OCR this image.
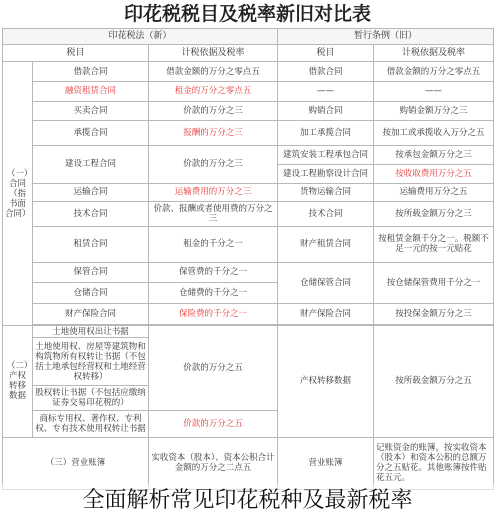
印花税税目及税率新旧对比表
印花税法（新）			暂行条例（旧）	
税目		计税依据及税率	税目	计税依据及税率
（一）合同（指书面合同）	借款合同	借款金额的万分之零点五	借款合同	借款金额的万分之零点五
	融资租赁合同	租金的万分之零点五	——	——
	买卖合同	价款的万分之三	购销合同	购销金额万分之三
	承揽合同	报酬的万分之三	加工承揽合同	按加工或承揽收入万分之五
	建设工程合同	价款的万分之三	建筑安装工程承包合同	按承包金额万分之三
			建设工程勘察设计合同	按收取费用万分之五
	运输合同	运输费用的万分之三	货物运输合同	运输费用万分之五
	技术合同	价款、报酬或者使用费的万分之三	技术合同	按所载金额万分之三
	租赁合同	租金的千分之一	财产租赁合同	按租赁金额千分之一。税额不足一元的按一元贴花
	保管合同	保管费的千分之一	仓储保管合同	按仓储保管费用千分之一
	仓储合同	仓储费的千分之一		
	财产保险合同	保险费的千分之一	财产保险合同	按投保金额万分之三

（二）产权转移数据	土地使用权出让书据	价款的万分之五	产权转移数据	按所载金额万分之五
	土地使用权、房屋等建筑物和构筑物所有权转让书据（不包括土地承包经营权和土地经营权转移）			
	股权转让书据（不包括应缴纳证券交易印花税的）			
	商标专用权、著作权、专利权、专有技术使用权转让书据	价款的万分之五		
（三）营业账簿		实收资本（股本）、资本公积合计金额的万分之二点五	营业账簿	记账资金的账簿，按实收资本（股本）和资本公积的总额万分之五贴花。其他账簿按件贴花五元。
全面解析常见印花税种及最新税率
